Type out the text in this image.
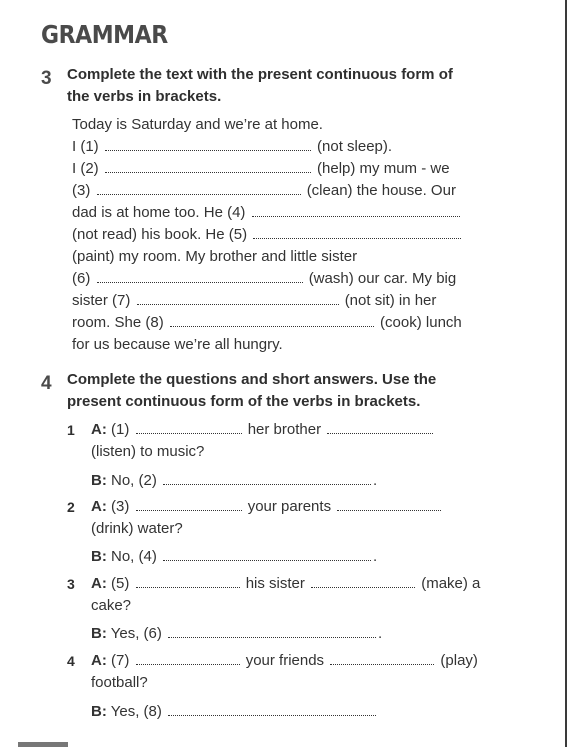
GRAMMAR
3 Complete the text with the present continuous form of
the verbs in brackets.
Today is Saturday and we’re at home.
I (1)	(not sleep).
I (2)	(help) my mum - we
(3)	(clean) the house. Our
dad is at home too. He (4)
(not read) his book. He (5)
(paint) my room. My brother and little sister
(6)	(wash) our car. My big
sister (7)	(not sit) in her
room. She (8)	(cook) lunch
for us because we’re all hungry.
4 Complete the questions and short answers. Use the
present continuous form of the verbs in brackets.
1 A: (1)	her brother
(listen) to music?
B: No, (2)	.
2 A: (3)	your parents
(drink) water?
B: No, (4)	.
3 A: (5)	his sister	(make) a
cake?
B: Yes, (6)	.
4 A: (7)	your friends	(play)
football?
B: Yes, (8)
